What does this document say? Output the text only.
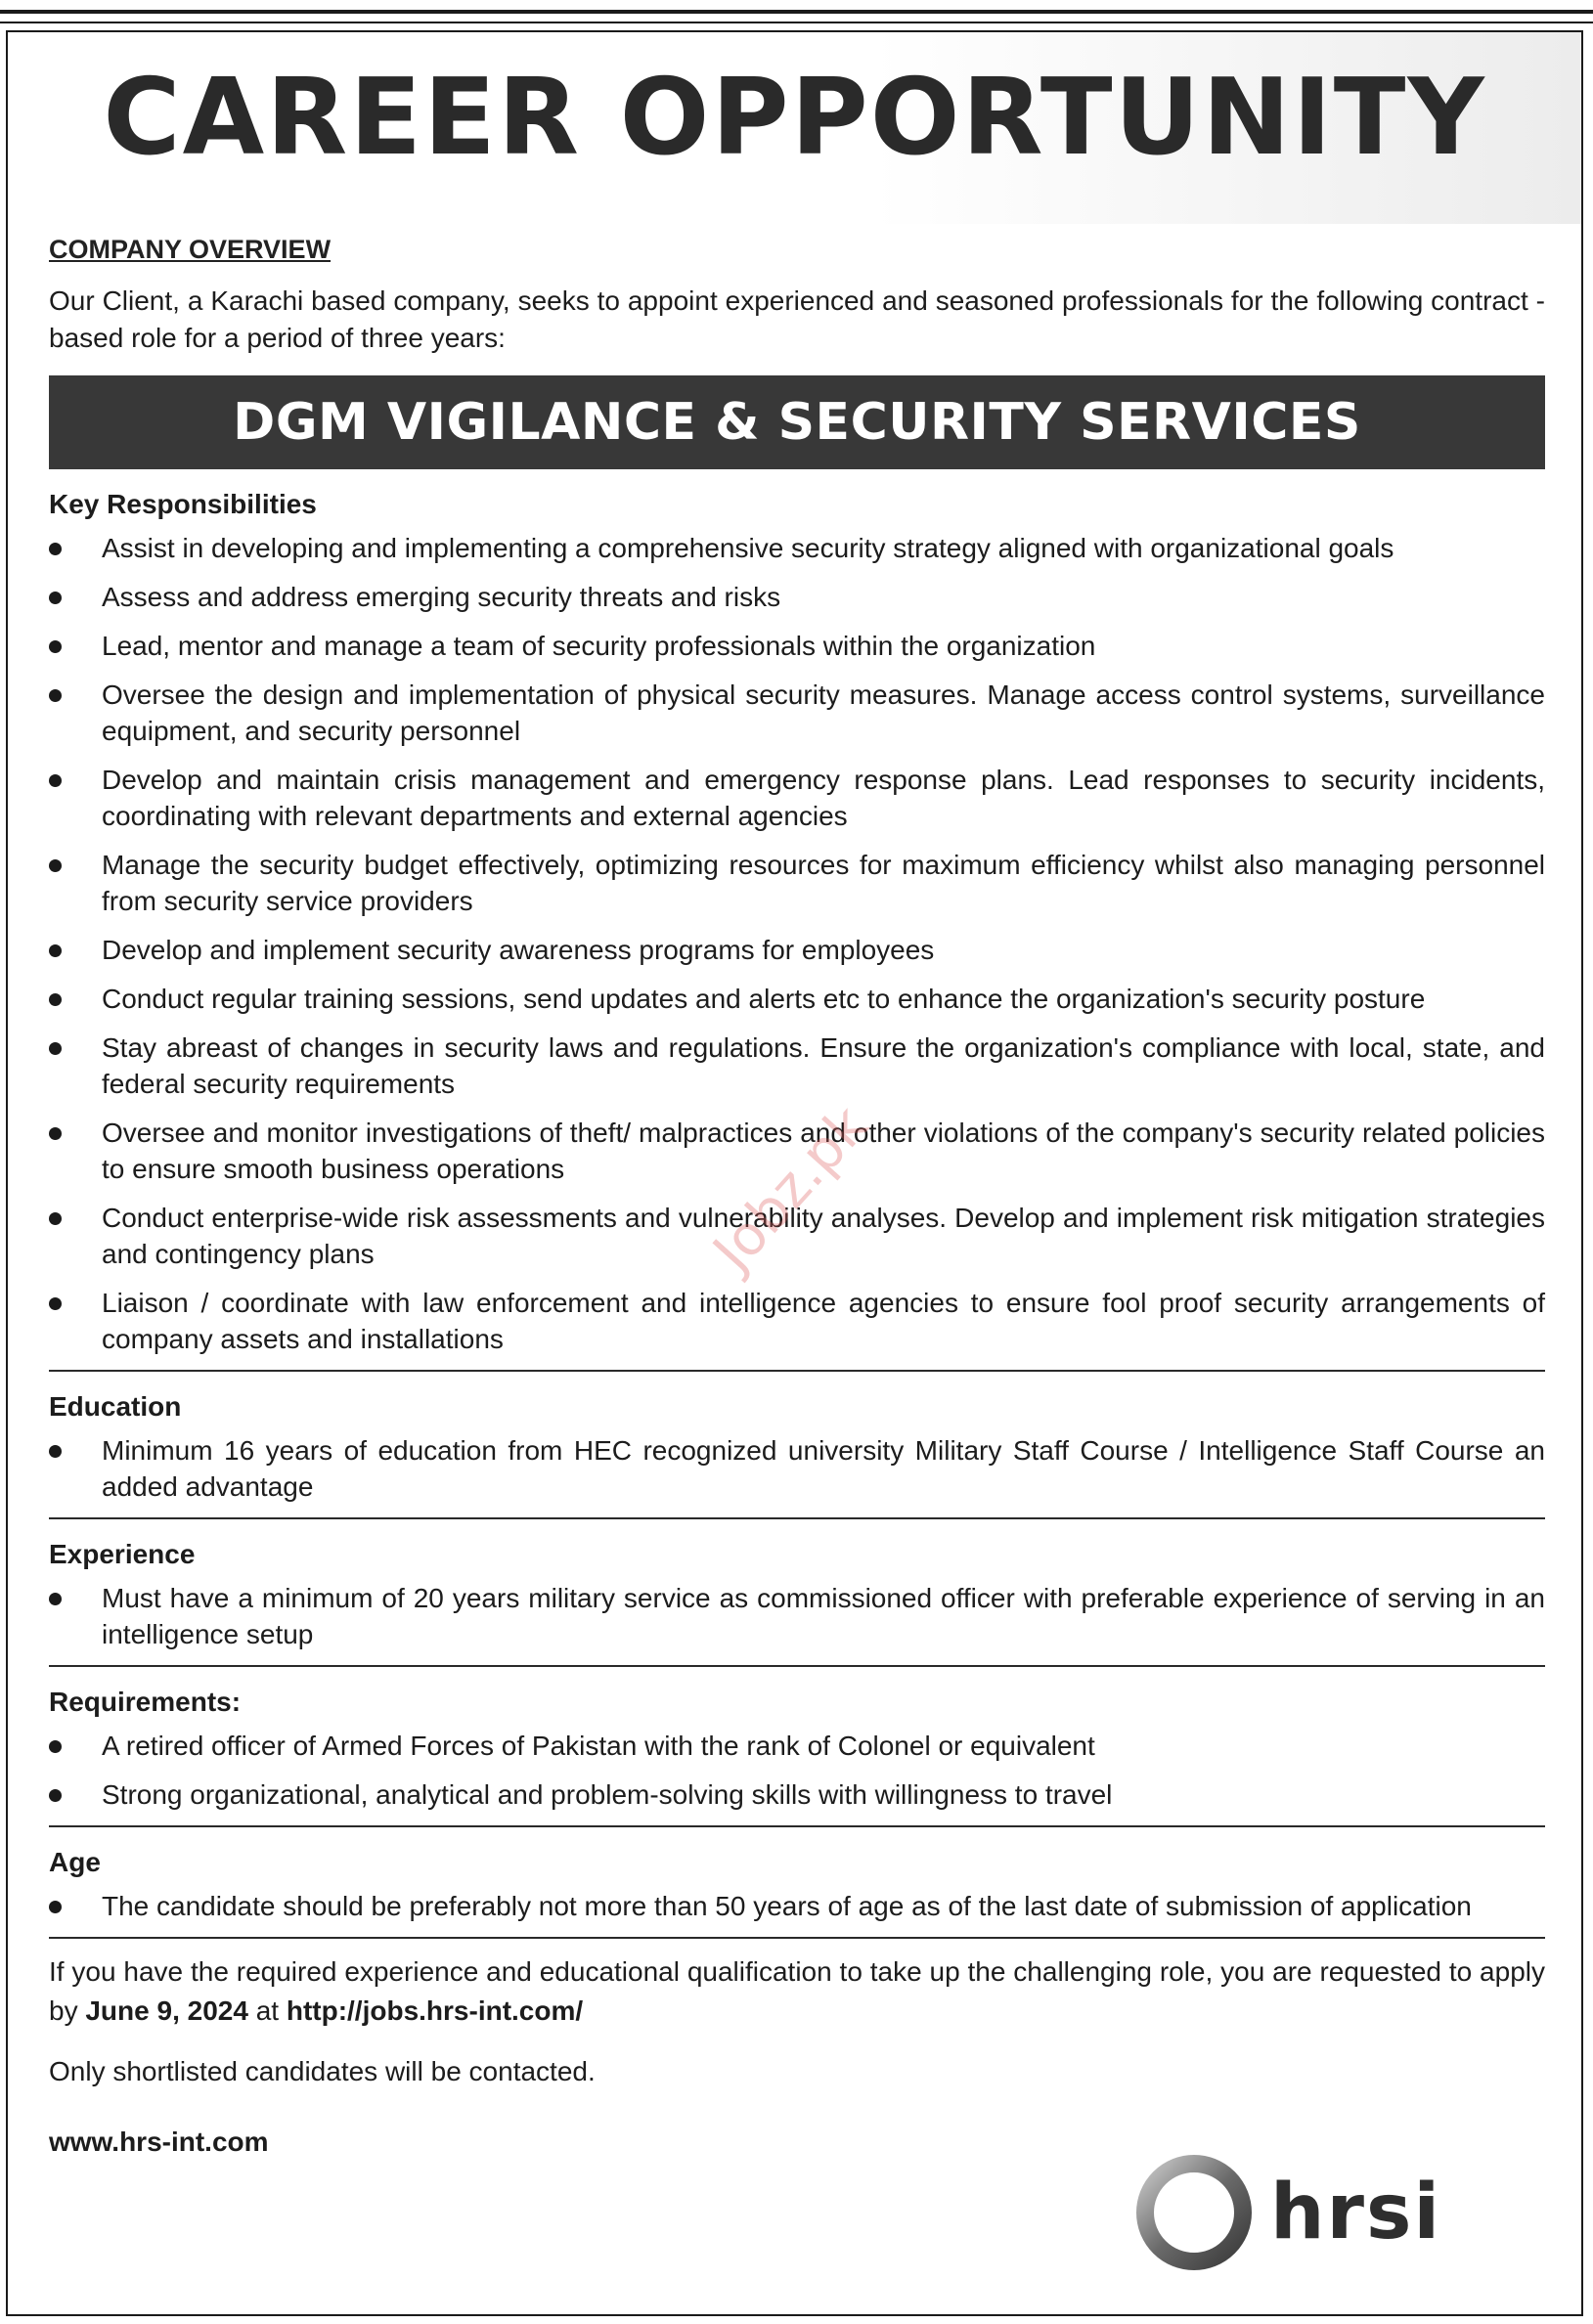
CAREER OPPORTUNITY
COMPANY OVERVIEW

Our Client, a Karachi based company, seeks to appoint experienced and seasoned professionals for the following contract - based role for a period of three years:

DGM VIGILANCE & SECURITY SERVICES
Key Responsibilities
Assist in developing and implementing a comprehensive security strategy aligned with organizational goals
Assess and address emerging security threats and risks
Lead, mentor and manage a team of security professionals within the organization
Oversee the design and implementation of physical security measures. Manage access control systems, surveillance equipment, and security personnel
Develop and maintain crisis management and emergency response plans. Lead responses to security incidents, coordinating with relevant departments and external agencies
Manage the security budget effectively, optimizing resources for maximum efficiency whilst also managing personnel from security service providers
Develop and implement security awareness programs for employees
Conduct regular training sessions, send updates and alerts etc to enhance the organization's security posture
Stay abreast of changes in security laws and regulations. Ensure the organization's compliance with local, state, and federal security requirements
Oversee and monitor investigations of theft/ malpractices and other violations of the company's security related policies to ensure smooth business operations
Conduct enterprise-wide risk assessments and vulnerability analyses. Develop and implement risk mitigation strategies and contingency plans
Liaison / coordinate with law enforcement and intelligence agencies to ensure fool proof security arrangements of company assets and installations
Education
Minimum 16 years of education from HEC recognized university Military Staff Course / Intelligence Staff Course an added advantage
Experience
Must have a minimum of 20 years military service as commissioned officer with preferable experience of serving in an intelligence setup
Requirements:
A retired officer of Armed Forces of Pakistan with the rank of Colonel or equivalent
Strong organizational, analytical and problem-solving skills with willingness to travel
Age
The candidate should be preferably not more than 50 years of age as of the last date of submission of application

If you have the required experience and educational qualification to take up the challenging role, you are requested to apply by June 9, 2024 at http://jobs.hrs-int.com/

Only shortlisted candidates will be contacted.

www.hrs-int.com

Jobz.pk
hrsi
